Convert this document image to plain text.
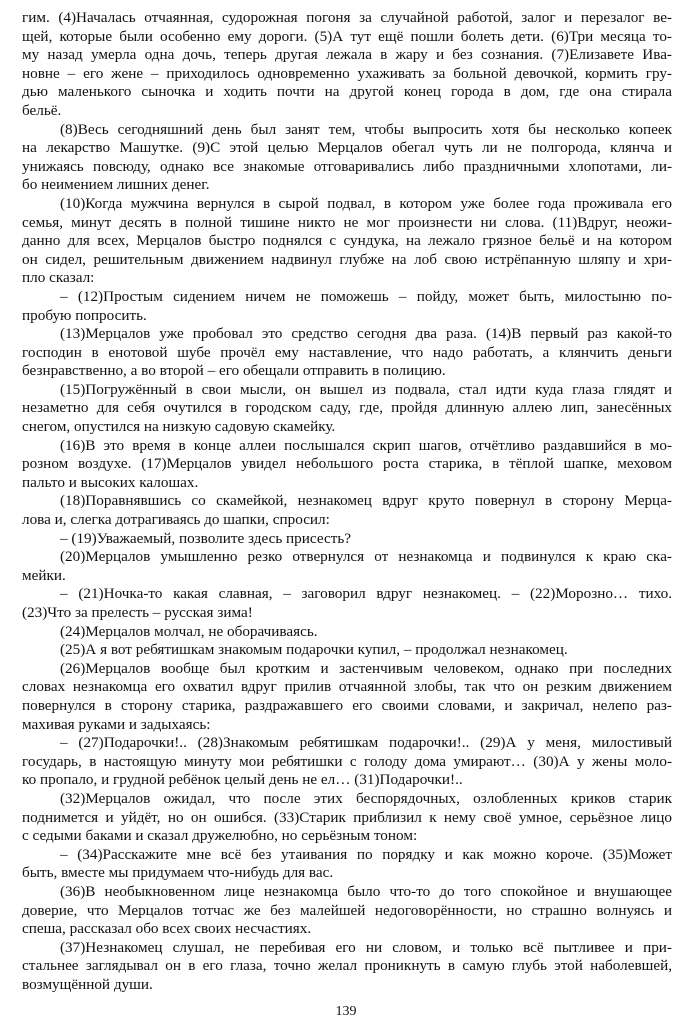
гим. (4)Началась отчаянная, судорожная погоня за случайной работой, залог и перезалог ве-
щей, которые были особенно ему дороги. (5)А тут ещё пошли болеть дети. (6)Три месяца то-
му назад умерла одна дочь, теперь другая лежала в жару и без сознания. (7)Елизавете Ива-
новне – его жене – приходилось одновременно ухаживать за больной девочкой, кормить гру-
дью маленького сыночка и ходить почти на другой конец города в дом, где она стирала
бельё.
(8)Весь сегодняшний день был занят тем, чтобы выпросить хотя бы несколько копеек
на лекарство Машутке. (9)С этой целью Мерцалов обегал чуть ли не полгорода, клянча и
унижаясь повсюду, однако все знакомые отговаривались либо праздничными хлопотами, ли-
бо неимением лишних денег.
(10)Когда мужчина вернулся в сырой подвал, в котором уже более года проживала его
семья, минут десять в полной тишине никто не мог произнести ни слова. (11)Вдруг, неожи-
данно для всех, Мерцалов быстро поднялся с сундука, на лежало грязное бельё и на котором
он сидел, решительным движением надвинул глубже на лоб свою истрёпанную шляпу и хри-
пло сказал:
– (12)Простым сидением ничем не поможешь – пойду, может быть, милостыню по-
пробую попросить.
(13)Мерцалов уже пробовал это средство сегодня два раза. (14)В первый раз какой-то
господин в енотовой шубе прочёл ему наставление, что надо работать, а клянчить деньги
безнравственно, а во второй – его обещали отправить в полицию.
(15)Погружённый в свои мысли, он вышел из подвала, стал идти куда глаза глядят и
незаметно для себя очутился в городском саду, где, пройдя длинную аллею лип, занесённых
снегом, опустился на низкую садовую скамейку.
(16)В это время в конце аллеи послышался скрип шагов, отчётливо раздавшийся в мо-
розном воздухе. (17)Мерцалов увидел небольшого роста старика, в тёплой шапке, меховом
пальто и высоких калошах.
(18)Поравнявшись со скамейкой, незнакомец вдруг круто повернул в сторону Мерца-
лова и, слегка дотрагиваясь до шапки, спросил:
– (19)Уважаемый, позволите здесь присесть?
(20)Мерцалов умышленно резко отвернулся от незнакомца и подвинулся к краю ска-
мейки.
– (21)Ночка-то какая славная, – заговорил вдруг незнакомец. – (22)Морозно… тихо.
(23)Что за прелесть – русская зима!
(24)Мерцалов молчал, не оборачиваясь.
(25)А я вот ребятишкам знакомым подарочки купил, – продолжал незнакомец.
(26)Мерцалов вообще был кротким и застенчивым человеком, однако при последних
словах незнакомца его охватил вдруг прилив отчаянной злобы, так что он резким движением
повернулся в сторону старика, раздражавшего его своими словами, и закричал, нелепо раз-
махивая руками и задыхаясь:
– (27)Подарочки!.. (28)Знакомым ребятишкам подарочки!.. (29)А у меня, милостивый
государь, в настоящую минуту мои ребятишки с голоду дома умирают… (30)А у жены моло-
ко пропало, и грудной ребёнок целый день не ел… (31)Подарочки!..
(32)Мерцалов ожидал, что после этих беспорядочных, озлобленных криков старик
поднимется и уйдёт, но он ошибся. (33)Старик приблизил к нему своё умное, серьёзное лицо
с седыми баками и сказал дружелюбно, но серьёзным тоном:
– (34)Расскажите мне всё без утаивания по порядку и как можно короче. (35)Может
быть, вместе мы придумаем что-нибудь для вас.
(36)В необыкновенном лице незнакомца было что-то до того спокойное и внушающее
доверие, что Мерцалов тотчас же без малейшей недоговорённости, но страшно волнуясь и
спеша, рассказал обо всех своих несчастиях.
(37)Незнакомец слушал, не перебивая его ни словом, и только всё пытливее и при-
стальнее заглядывал он в его глаза, точно желал проникнуть в самую глубь этой наболевшей,
возмущённой души.
139
